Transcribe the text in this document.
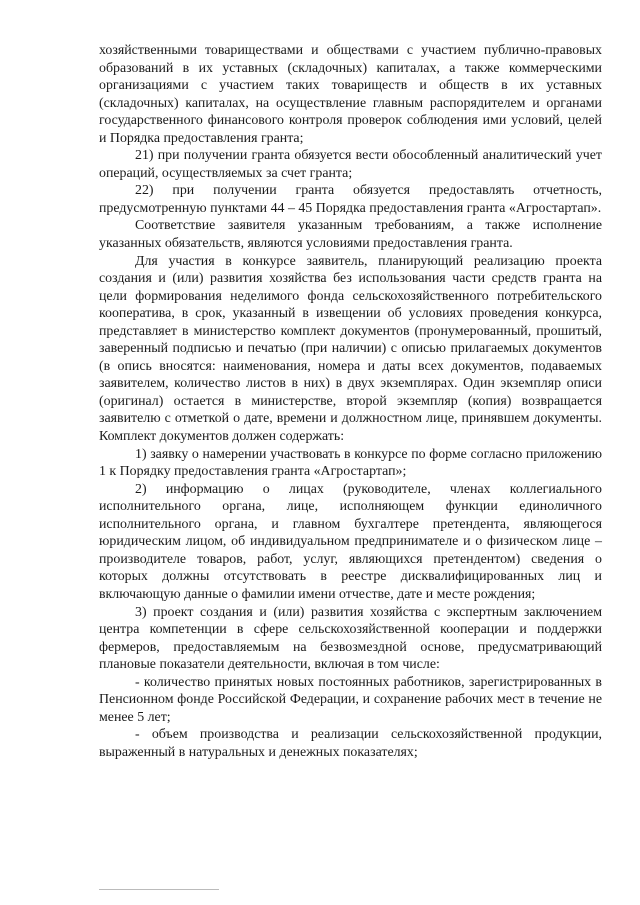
хозяйственными товариществами и обществами с участием публично-правовых образований в их уставных (складочных) капиталах, а также коммерческими организациями с участием таких товариществ и обществ в их уставных (складочных) капиталах, на осуществление главным распорядителем и органами государственного финансового контроля проверок соблюдения ими условий, целей и Порядка предоставления гранта;

21) при получении гранта обязуется вести обособленный аналитический учет операций, осуществляемых за счет гранта;

22) при получении гранта обязуется предоставлять отчетность, предусмотренную пунктами 44 – 45 Порядка предоставления гранта «Агростартап».

Соответствие заявителя указанным требованиям, а также исполнение указанных обязательств, являются условиями предоставления гранта.

Для участия в конкурсе заявитель, планирующий реализацию проекта создания и (или) развития хозяйства без использования части средств гранта на цели формирования неделимого фонда сельскохозяйственного потребительского кооператива, в срок, указанный в извещении об условиях проведения конкурса, представляет в министерство комплект документов (пронумерованный, прошитый, заверенный подписью и печатью (при наличии) с описью прилагаемых документов (в опись вносятся: наименования, номера и даты всех документов, подаваемых заявителем, количество листов в них) в двух экземплярах. Один экземпляр описи (оригинал) остается в министерстве, второй экземпляр (копия) возвращается заявителю с отметкой о дате, времени и должностном лице, принявшем документы. Комплект документов должен содержать:

1) заявку о намерении участвовать в конкурсе по форме согласно приложению 1 к Порядку предоставления гранта «Агростартап»;

2) информацию о лицах (руководителе, членах коллегиального исполнительного органа, лице, исполняющем функции единоличного исполнительного органа, и главном бухгалтере претендента, являющегося юридическим лицом, об индивидуальном предпринимателе и о физическом лице – производителе товаров, работ, услуг, являющихся претендентом) сведения о которых должны отсутствовать в реестре дисквалифицированных лиц и включающую данные о фамилии имени отчестве, дате и месте рождения;

3) проект создания и (или) развития хозяйства с экспертным заключением центра компетенции в сфере сельскохозяйственной кооперации и поддержки фермеров, предоставляемым на безвозмездной основе, предусматривающий плановые показатели деятельности, включая в том числе:

- количество принятых новых постоянных работников, зарегистрированных в Пенсионном фонде Российской Федерации, и сохранение рабочих мест в течение не менее 5 лет;

- объем производства и реализации сельскохозяйственной продукции, выраженный в натуральных и денежных показателях;
